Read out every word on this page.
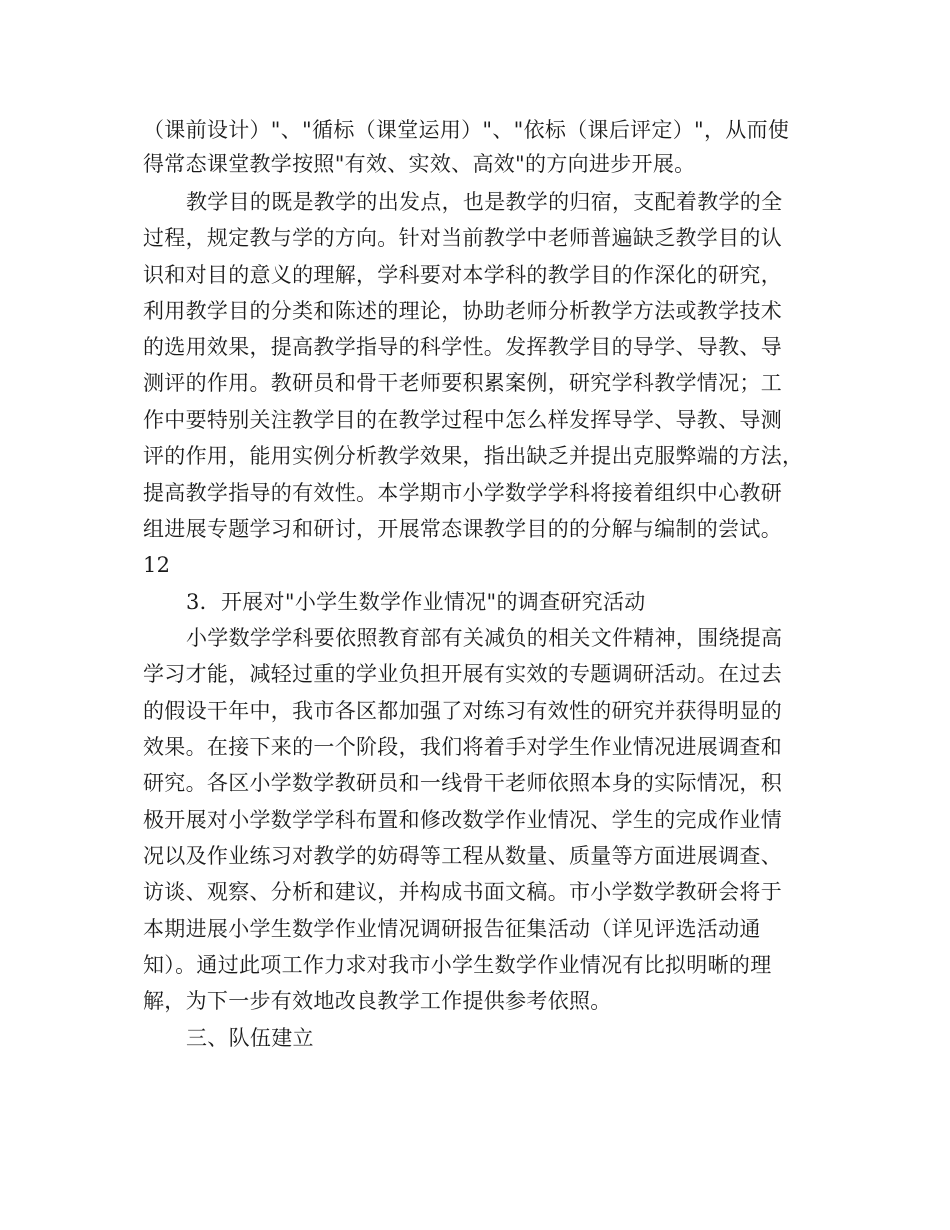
（课前设计）"、"循标（课堂运用）"、"依标（课后评定）"，从而使

得常态课堂教学按照"有效、实效、高效"的方向进步开展。

教学目的既是教学的出发点，也是教学的归宿，支配着教学的全

过程，规定教与学的方向。针对当前教学中老师普遍缺乏教学目的认

识和对目的意义的理解，学科要对本学科的教学目的作深化的研究，

利用教学目的分类和陈述的理论，协助老师分析教学方法或教学技术

的选用效果，提高教学指导的科学性。发挥教学目的导学、导教、导

测评的作用。教研员和骨干老师要积累案例，研究学科教学情况；工

作中要特别关注教学目的在教学过程中怎么样发挥导学、导教、导测

评的作用，能用实例分析教学效果，指出缺乏并提出克服弊端的方法，

提高教学指导的有效性。本学期市小学数学学科将接着组织中心教研

组进展专题学习和研讨，开展常态课教学目的的分解与编制的尝试。

12

3．开展对"小学生数学作业情况"的调查研究活动

小学数学学科要依照教育部有关减负的相关文件精神，围绕提高

学习才能，减轻过重的学业负担开展有实效的专题调研活动。在过去

的假设干年中，我市各区都加强了对练习有效性的研究并获得明显的

效果。在接下来的一个阶段，我们将着手对学生作业情况进展调查和

研究。各区小学数学教研员和一线骨干老师依照本身的实际情况，积

极开展对小学数学学科布置和修改数学作业情况、学生的完成作业情

况以及作业练习对教学的妨碍等工程从数量、质量等方面进展调查、

访谈、观察、分析和建议，并构成书面文稿。市小学数学教研会将于

本期进展小学生数学作业情况调研报告征集活动（详见评选活动通

知）。通过此项工作力求对我市小学生数学作业情况有比拟明晰的理

解，为下一步有效地改良教学工作提供参考依照。

三、队伍建立
